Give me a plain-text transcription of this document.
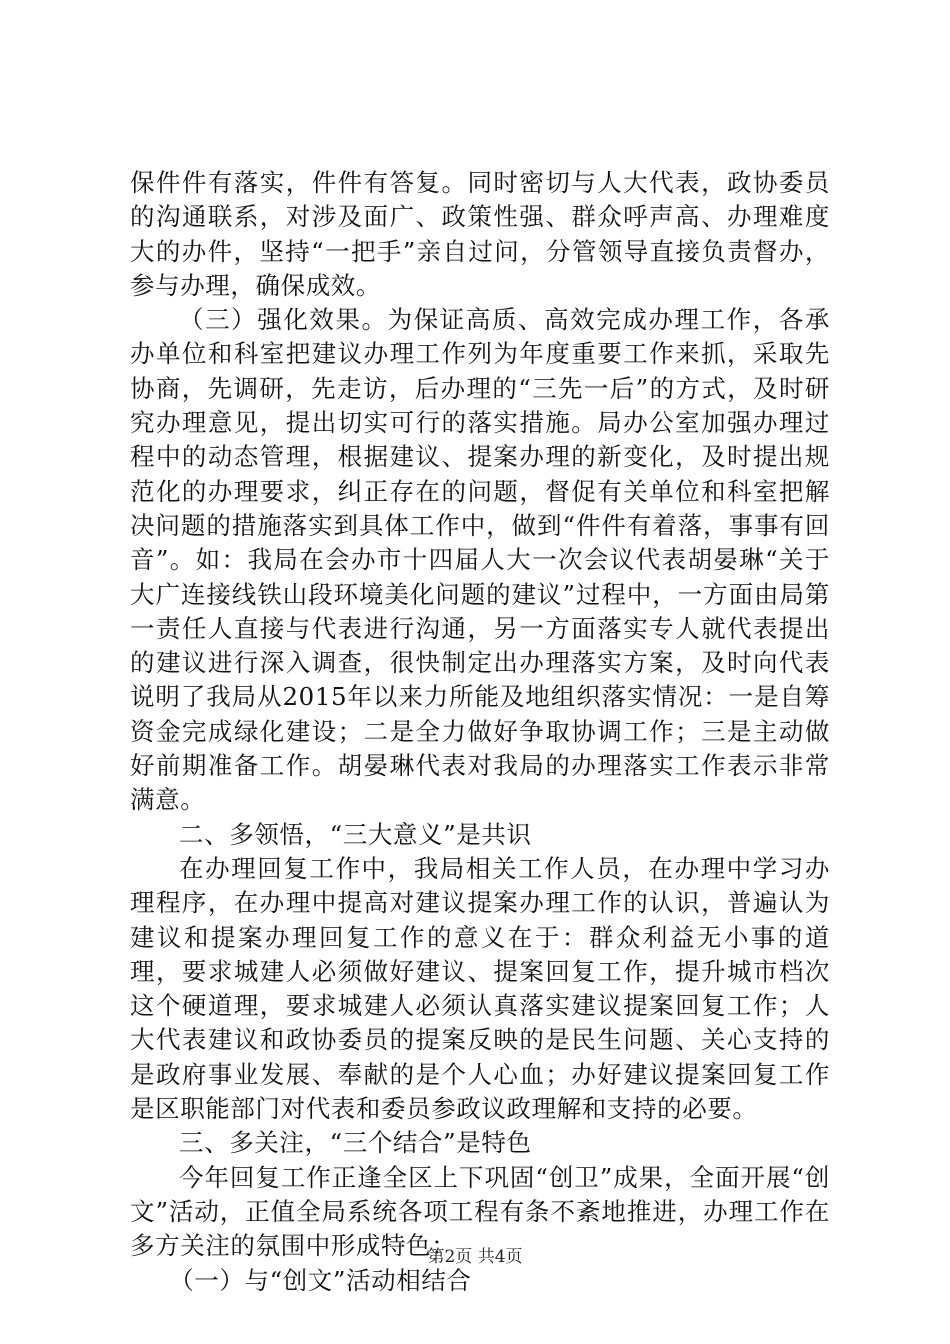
保件件有落实，件件有答复。同时密切与人大代表，政协委员的沟通联系，对涉及面广、政策性强、群众呼声高、办理难度大的办件，坚持“一把手”亲自过问，分管领导直接负责督办，参与办理，确保成效。

（三）强化效果。为保证高质、高效完成办理工作，各承办单位和科室把建议办理工作列为年度重要工作来抓，采取先协商，先调研，先走访，后办理的“三先一后”的方式，及时研究办理意见，提出切实可行的落实措施。局办公室加强办理过程中的动态管理，根据建议、提案办理的新变化，及时提出规范化的办理要求，纠正存在的问题，督促有关单位和科室把解决问题的措施落实到具体工作中，做到“件件有着落，事事有回音”。如：我局在会办市十四届人大一次会议代表胡晏琳“关于大广连接线铁山段环境美化问题的建议”过程中，一方面由局第一责任人直接与代表进行沟通，另一方面落实专人就代表提出的建议进行深入调查，很快制定出办理落实方案，及时向代表说明了我局从2015年以来力所能及地组织落实情况：一是自筹资金完成绿化建设；二是全力做好争取协调工作；三是主动做好前期准备工作。胡晏琳代表对我局的办理落实工作表示非常满意。

二、多领悟，“三大意义”是共识

在办理回复工作中，我局相关工作人员，在办理中学习办理程序，在办理中提高对建议提案办理工作的认识，普遍认为建议和提案办理回复工作的意义在于：群众利益无小事的道理，要求城建人必须做好建议、提案回复工作，提升城市档次这个硬道理，要求城建人必须认真落实建议提案回复工作；人大代表建议和政协委员的提案反映的是民生问题、关心支持的是政府事业发展、奉献的是个人心血；办好建议提案回复工作是区职能部门对代表和委员参政议政理解和支持的必要。

三、多关注，“三个结合”是特色

今年回复工作正逢全区上下巩固“创卫”成果，全面开展“创文”活动，正值全局系统各项工程有条不紊地推进，办理工作在多方关注的氛围中形成特色：

（一）与“创文”活动相结合

第2页 共4页
